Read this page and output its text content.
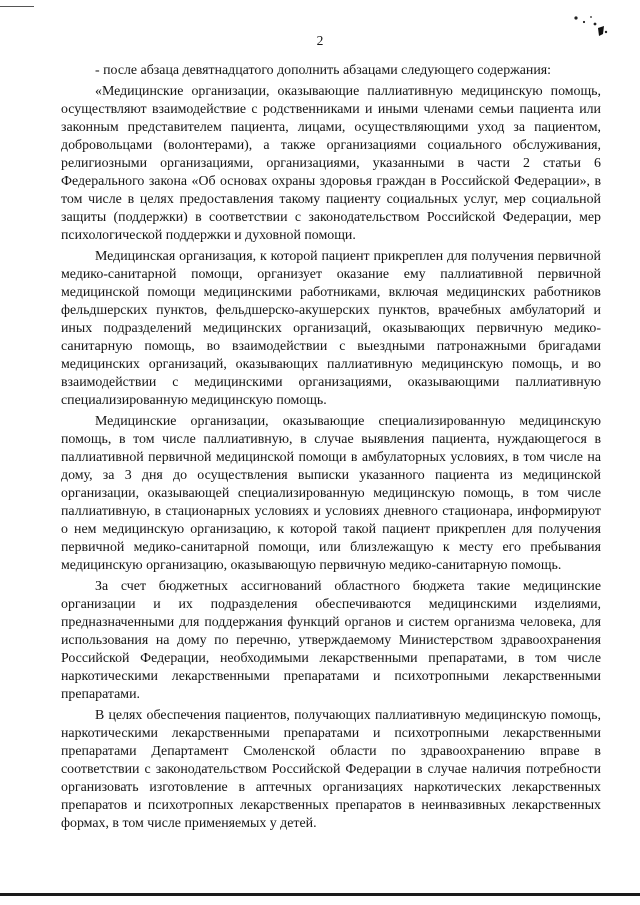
2

- после абзаца девятнадцатого дополнить абзацами следующего содержания:

«Медицинские организации, оказывающие паллиативную медицинскую помощь, осуществляют взаимодействие с родственниками и иными членами семьи пациента или законным представителем пациента, лицами, осуществляющими уход за пациентом, добровольцами (волонтерами), а также организациями социального обслуживания, религиозными организациями, организациями, указанными в части 2 статьи 6 Федерального закона «Об основах охраны здоровья граждан в Российской Федерации», в том числе в целях предоставления такому пациенту социальных услуг, мер социальной защиты (поддержки) в соответствии с законодательством Российской Федерации, мер психологической поддержки и духовной помощи.

Медицинская организация, к которой пациент прикреплен для получения первичной медико-санитарной помощи, организует оказание ему паллиативной первичной медицинской помощи медицинскими работниками, включая медицинских работников фельдшерских пунктов, фельдшерско-акушерских пунктов, врачебных амбулаторий и иных подразделений медицинских организаций, оказывающих первичную медико-санитарную помощь, во взаимодействии с выездными патронажными бригадами медицинских организаций, оказывающих паллиативную медицинскую помощь, и во взаимодействии с медицинскими организациями, оказывающими паллиативную специализированную медицинскую помощь.

Медицинские организации, оказывающие специализированную медицинскую помощь, в том числе паллиативную, в случае выявления пациента, нуждающегося в паллиативной первичной медицинской помощи в амбулаторных условиях, в том числе на дому, за 3 дня до осуществления выписки указанного пациента из медицинской организации, оказывающей специализированную медицинскую помощь, в том числе паллиативную, в стационарных условиях и условиях дневного стационара, информируют о нем медицинскую организацию, к которой такой пациент прикреплен для получения первичной медико-санитарной помощи, или близлежащую к месту его пребывания медицинскую организацию, оказывающую первичную медико-санитарную помощь.

За счет бюджетных ассигнований областного бюджета такие медицинские организации и их подразделения обеспечиваются медицинскими изделиями, предназначенными для поддержания функций органов и систем организма человека, для использования на дому по перечню, утверждаемому Министерством здравоохранения Российской Федерации, необходимыми лекарственными препаратами, в том числе наркотическими лекарственными препаратами и психотропными лекарственными препаратами.

В целях обеспечения пациентов, получающих паллиативную медицинскую помощь, наркотическими лекарственными препаратами и психотропными лекарственными препаратами Департамент Смоленской области по здравоохранению вправе в соответствии с законодательством Российской Федерации в случае наличия потребности организовать изготовление в аптечных организациях наркотических лекарственных препаратов и психотропных лекарственных препаратов в неинвазивных лекарственных формах, в том числе применяемых у детей.
